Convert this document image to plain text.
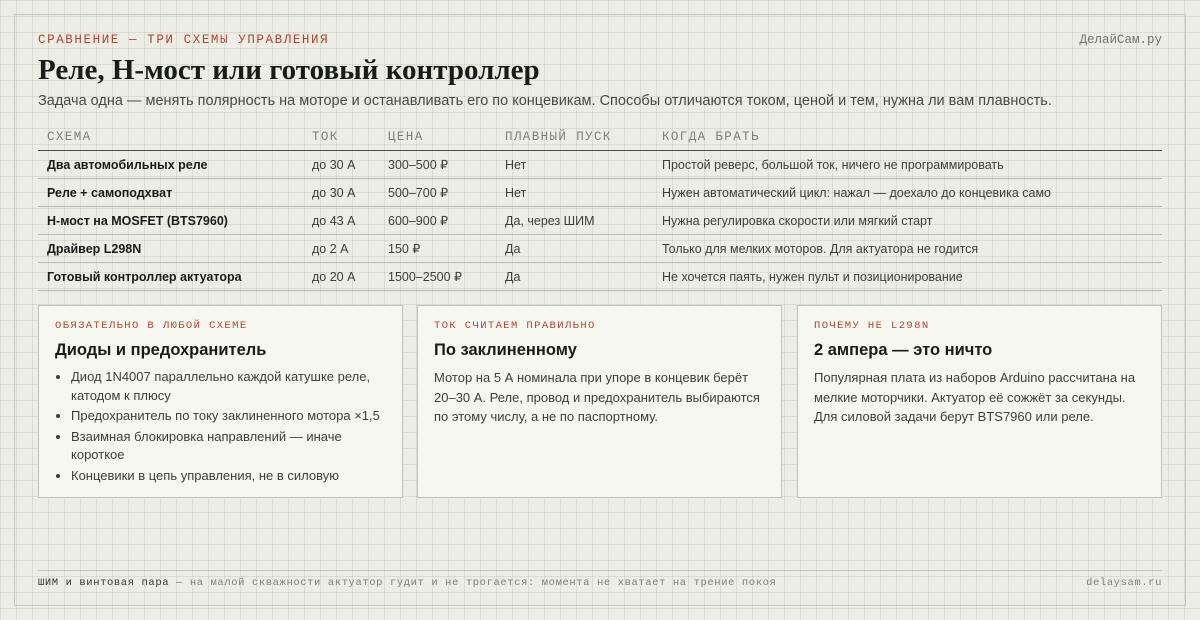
СРАВНЕНИЕ — ТРИ СХЕМЫ УПРАВЛЕНИЯ	ДелайСам.ру
Реле, H-мост или готовый контроллер

Задача одна — менять полярность на моторе и останавливать его по концевикам. Способы отличаются током, ценой и тем, нужна ли вам плавность.

СХЕМА	ТОК	ЦЕНА	ПЛАВНЫЙ ПУСК	КОГДА БРАТЬ
Два автомобильных реле	до 30 А	300–500 ₽	Нет	Простой реверс, большой ток, ничего не программировать
Реле + самоподхват	до 30 А	500–700 ₽	Нет	Нужен автоматический цикл: нажал — доехало до концевика само
H-мост на MOSFET (BTS7960)	до 43 А	600–900 ₽	Да, через ШИМ	Нужна регулировка скорости или мягкий старт
Драйвер L298N	до 2 А	150 ₽	Да	Только для мелких моторов. Для актуатора не годится
Готовый контроллер актуатора	до 20 А	1500–2500 ₽	Да	Не хочется паять, нужен пульт и позиционирование
ОБЯЗАТЕЛЬНО В ЛЮБОЙ СХЕМЕ
Диоды и предохранитель
• Диод 1N4007 параллельно каждой катушке реле, катодом к плюсу
• Предохранитель по току заклиненного мотора ×1,5
• Взаимная блокировка направлений — иначе короткое
• Концевики в цепь управления, не в силовую
ТОК СЧИТАЕМ ПРАВИЛЬНО
По заклиненному

Мотор на 5 А номинала при упоре в концевик берёт 20–30 А. Реле, провод и предохранитель выбираются по этому числу, а не по паспортному.

ПОЧЕМУ НЕ L298N
2 ампера — это ничто

Популярная плата из наборов Arduino рассчитана на мелкие моторчики. Актуатор её сожжёт за секунды. Для силовой задачи берут BTS7960 или реле.

ШИМ и винтовая пара — на малой скважности актуатор гудит и не трогается: момента не хватает на трение покоя	delaysam.ru
